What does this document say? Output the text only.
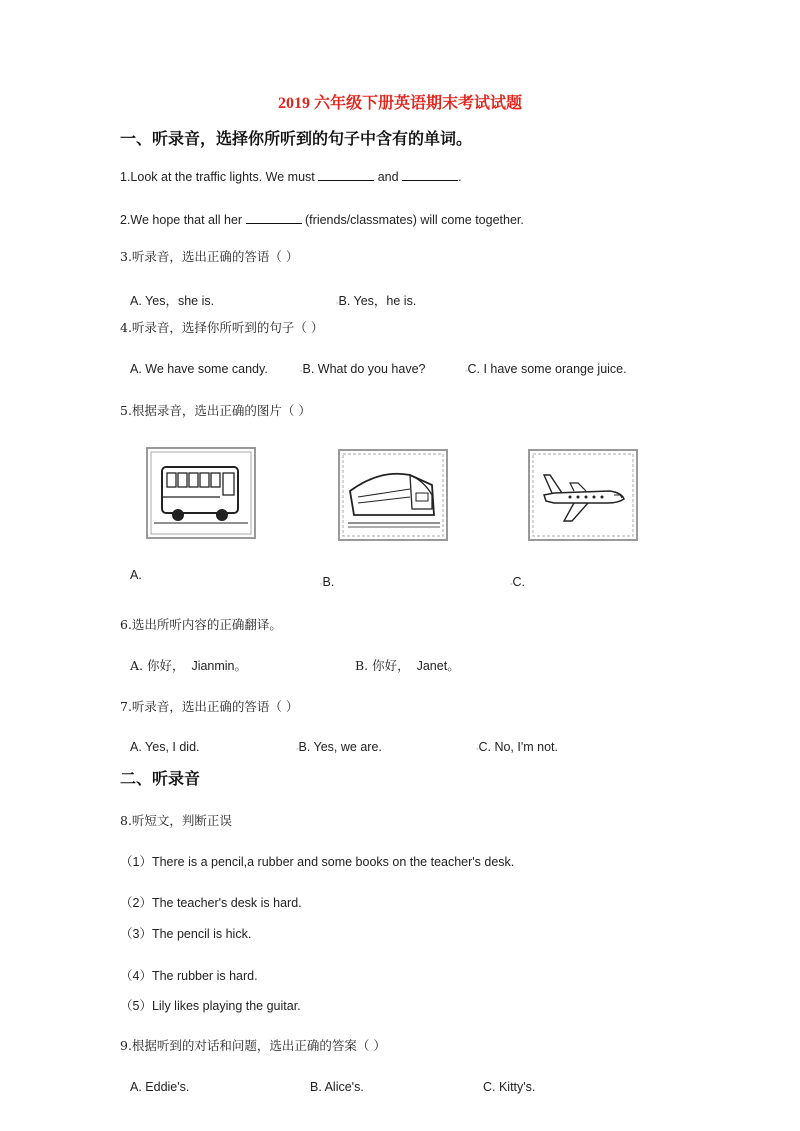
2019 六年级下册英语期末考试试题
一、听录音，选择你所听到的句子中含有的单词。
1.Look at the traffic lights. We must	and	.
2.We hope that all her	(friends/classmates) will come together.
3.听录音，选出正确的答语（ ）
A. Yes，she is.	◦B. Yes，he is.
4.听录音，选择你所听到的句子（ ）
A. We have some candy.	◦B. What do you have?	◦C. I have some orange juice.
5.根据录音，选出正确的图片（ ）
A.
◦B.	◦C.
6.选出所听内容的正确翻译。
A. 你好， Jianmin。	B. 你好， Janet。
7.听录音，选出正确的答语（ ）
A. Yes, I did.	◦B. Yes, we are.	◦C. No, I'm not.
二、听录音
8.听短文，判断正误
（1）There is a pencil,a rubber and some books on the teacher's desk.
（2）The teacher's desk is hard.
（3）The pencil is hick.
（4）The rubber is hard.
（5）Lily likes playing the guitar.
9.根据听到的对话和问题，选出正确的答案（ ）
A. Eddie's.	B. Alice's.	C. Kitty's.
